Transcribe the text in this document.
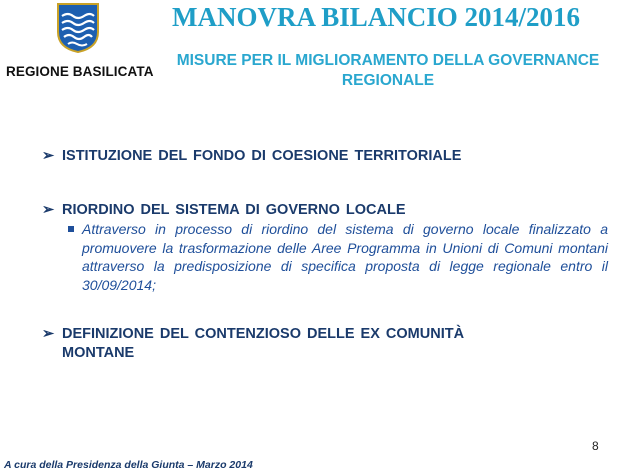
REGIONE BASILICATA
MANOVRA BILANCIO 2014/2016
MISURE PER IL MIGLIORAMENTO DELLA GOVERNANCE REGIONALE
➢ ISTITUZIONE DEL FONDO DI COESIONE TERRITORIALE
➢ RIORDINO DEL SISTEMA DI GOVERNO LOCALE
Attraverso in processo di riordino del sistema di governo locale finalizzato a promuovere la trasformazione delle Aree Programma in Unioni di Comuni montani attraverso la predisposizione di specifica proposta di legge regionale entro il 30/09/2014;
➢ DEFINIZIONE DEL CONTENZIOSO DELLE EX COMUNITÀ MONTANE
8
A cura della Presidenza della Giunta – Marzo 2014
